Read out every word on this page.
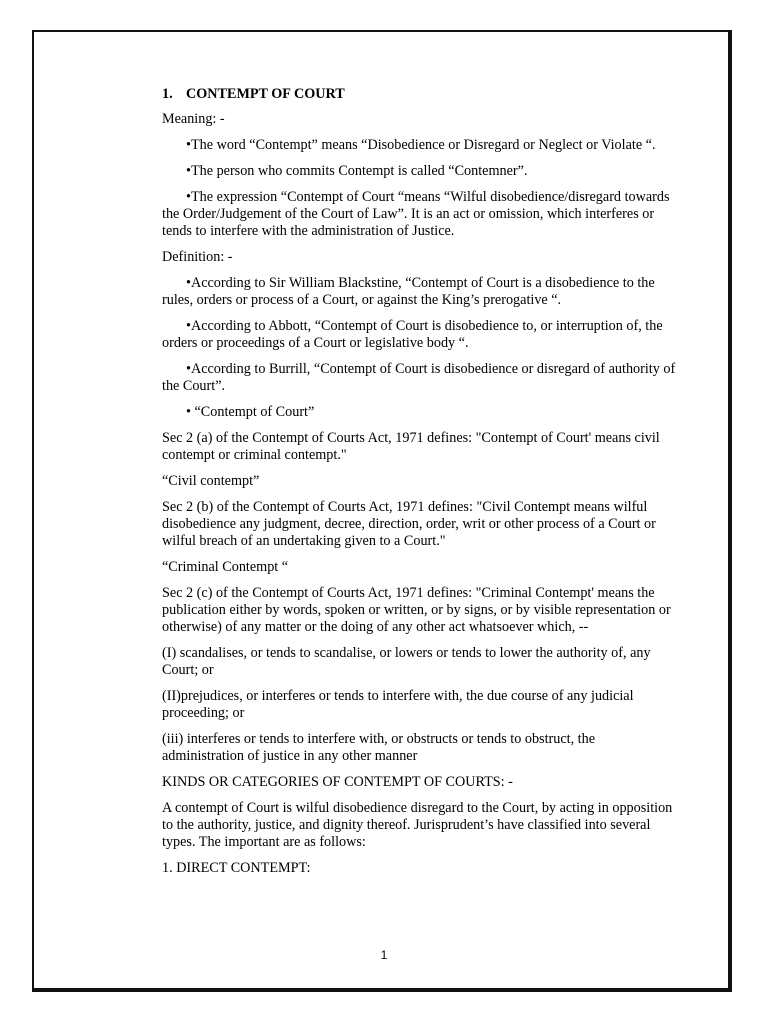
1. CONTEMPT OF COURT

Meaning: -

•The word “Contempt” means “Disobedience or Disregard or Neglect or Violate “.

•The person who commits Contempt is called “Contemner”.

•The expression “Contempt of Court “means “Wilful disobedience/disregard towards the Order/Judgement of the Court of Law”. It is an act or omission, which interferes or tends to interfere with the administration of Justice.

Definition: -

•According to Sir William Blackstine, “Contempt of Court is a disobedience to the rules, orders or process of a Court, or against the King’s prerogative “.

•According to Abbott, “Contempt of Court is disobedience to, or interruption of, the orders or proceedings of a Court or legislative body “.

•According to Burrill, “Contempt of Court is disobedience or disregard of authority of the Court”.

• “Contempt of Court”

Sec 2 (a) of the Contempt of Courts Act, 1971 defines: "Contempt of Court' means civil contempt or criminal contempt."

“Civil contempt”

Sec 2 (b) of the Contempt of Courts Act, 1971 defines: "Civil Contempt means wilful disobedience any judgment, decree, direction, order, writ or other process of a Court or wilful breach of an undertaking given to a Court."

“Criminal Contempt “

Sec 2 (c) of the Contempt of Courts Act, 1971 defines: "Criminal Contempt' means the publication either by words, spoken or written, or by signs, or by visible representation or otherwise) of any matter or the doing of any other act whatsoever which, --

(I) scandalises, or tends to scandalise, or lowers or tends to lower the authority of, any Court; or

(II)prejudices, or interferes or tends to interfere with, the due course of any judicial proceeding; or

(iii) interferes or tends to interfere with, or obstructs or tends to obstruct, the administration of justice in any other manner

KINDS OR CATEGORIES OF CONTEMPT OF COURTS: -

A contempt of Court is wilful disobedience disregard to the Court, by acting in opposition to the authority, justice, and dignity thereof. Jurisprudent’s have classified into several types. The important are as follows:

1. DIRECT CONTEMPT:

1
